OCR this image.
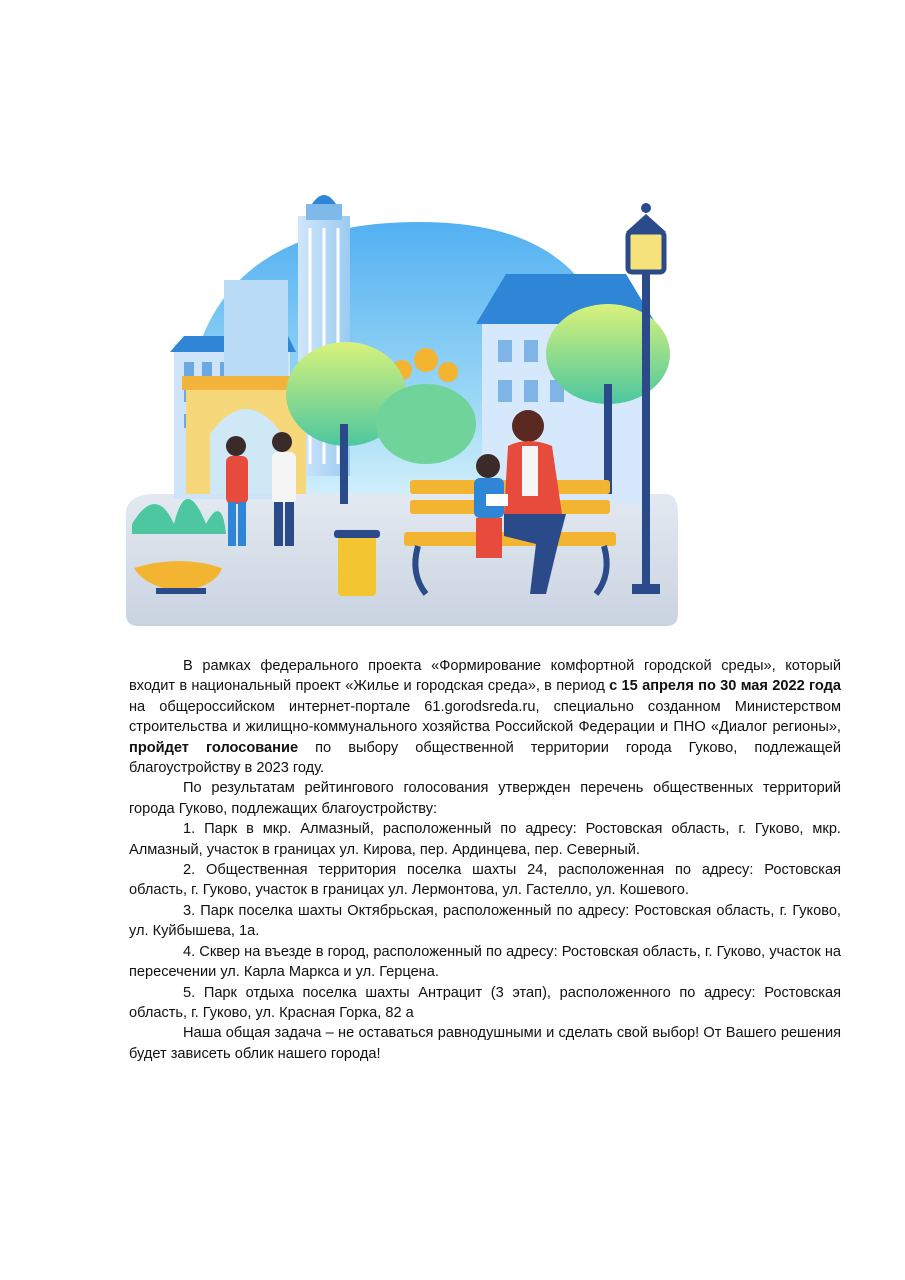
В рамках федерального проекта «Формирование комфортной городской среды», который входит в национальный проект «Жилье и городская среда», в период с 15 апреля по 30 мая 2022 года на общероссийском интернет-портале 61.gorodsreda.ru, специально созданном Министерством строительства и жилищно-коммунального хозяйства Российской Федерации и ПНО «Диалог регионы», пройдет голосование по выбору общественной территории города Гуково, подлежащей благоустройству в 2023 году.

По результатам рейтингового голосования утвержден перечень общественных территорий города Гуково, подлежащих благоустройству:

1. Парк в мкр. Алмазный, расположенный по адресу: Ростовская область, г. Гуково, мкр. Алмазный, участок в границах ул. Кирова, пер. Ардинцева, пер. Северный.

2. Общественная территория поселка шахты 24, расположенная по адресу: Ростовская область, г. Гуково, участок в границах ул. Лермонтова, ул. Гастелло, ул. Кошевого.

3. Парк поселка шахты Октябрьская, расположенный по адресу: Ростовская область, г. Гуково, ул. Куйбышева, 1а.

4. Сквер на въезде в город, расположенный по адресу: Ростовская область, г. Гуково, участок на пересечении ул. Карла Маркса и ул. Герцена.

5. Парк отдыха поселка шахты Антрацит (3 этап), расположенного по адресу: Ростовская область, г. Гуково, ул. Красная Горка, 82 а

Наша общая задача – не оставаться равнодушными и сделать свой выбор! От Вашего решения будет зависеть облик нашего города!
